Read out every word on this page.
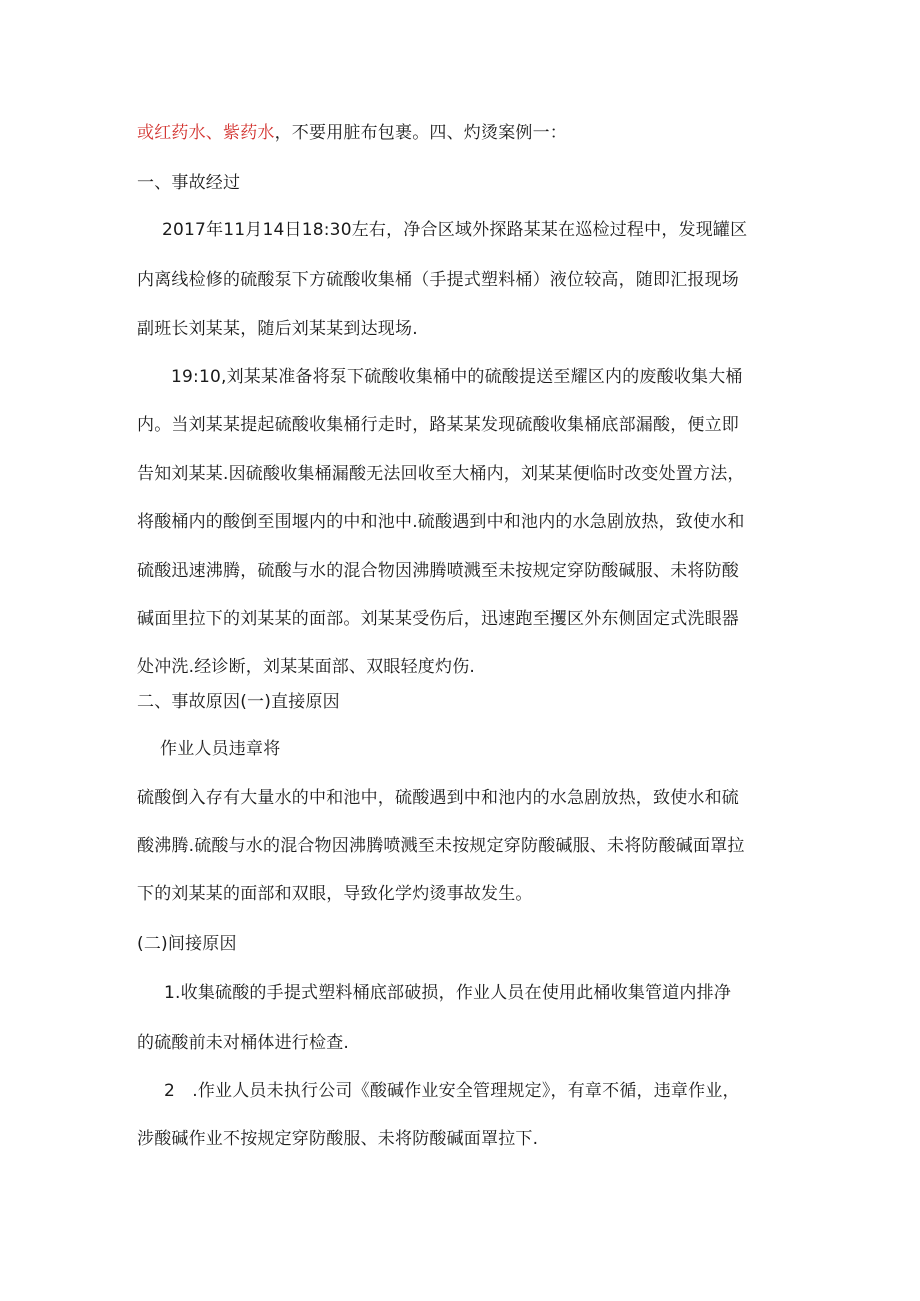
或红药水、紫药水，不要用脏布包裹。四、灼烫案例一：
一、事故经过
2017年11月14日18:30左右，净合区域外探路某某在巡检过程中，发现罐区
内离线检修的硫酸泵下方硫酸收集桶（手提式塑料桶）液位较高，随即汇报现场
副班长刘某某，随后刘某某到达现场.
19:10,刘某某准备将泵下硫酸收集桶中的硫酸提送至耀区内的废酸收集大桶
内。当刘某某提起硫酸收集桶行走时，路某某发现硫酸收集桶底部漏酸，便立即
告知刘某某.因硫酸收集桶漏酸无法回收至大桶内，刘某某便临时改变处置方法，
将酸桶内的酸倒至围堰内的中和池中.硫酸遇到中和池内的水急剧放热，致使水和
硫酸迅速沸腾，硫酸与水的混合物因沸腾喷溅至未按规定穿防酸碱服、未将防酸
碱面里拉下的刘某某的面部。刘某某受伤后，迅速跑至攫区外东侧固定式洗眼器
处冲洗.经诊断，刘某某面部、双眼轻度灼伤.
二、事故原因(一)直接原因
作业人员违章将
硫酸倒入存有大量水的中和池中，硫酸遇到中和池内的水急剧放热，致使水和硫
酸沸腾.硫酸与水的混合物因沸腾喷溅至未按规定穿防酸碱服、未将防酸碱面罩拉
下的刘某某的面部和双眼，导致化学灼烫事故发生。
(二)间接原因
1.收集硫酸的手提式塑料桶底部破损，作业人员在使用此桶收集管道内排净
的硫酸前未对桶体进行检查.
2　.作业人员未执行公司《酸碱作业安全管理规定》，有章不循，违章作业，
涉酸碱作业不按规定穿防酸服、未将防酸碱面罩拉下.
